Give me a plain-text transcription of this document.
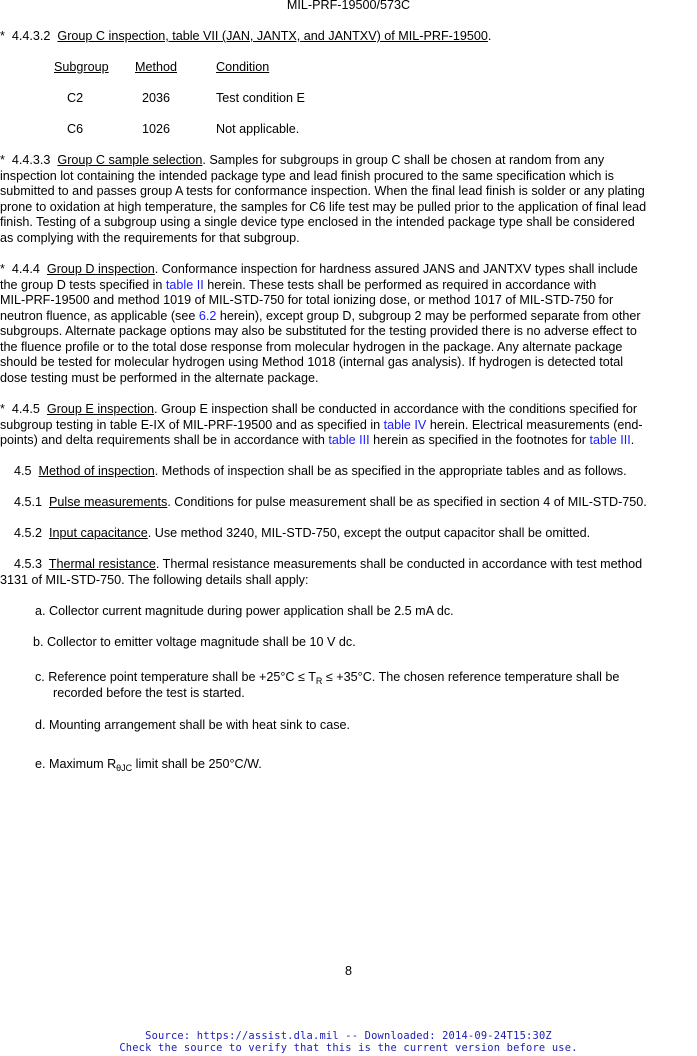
MIL-PRF-19500/573C
*  4.4.3.2  Group C inspection, table VII (JAN, JANTX, and JANTXV) of MIL-PRF-19500.
Subgroup Method	Condition
C2	2036	Test condition E
C6	1026	Not applicable.
*  4.4.3.3  Group C sample selection. Samples for subgroups in group C shall be chosen at random from any
inspection lot containing the intended package type and lead finish procured to the same specification which is
submitted to and passes group A tests for conformance inspection. When the final lead finish is solder or any plating
prone to oxidation at high temperature, the samples for C6 life test may be pulled prior to the application of final lead
finish. Testing of a subgroup using a single device type enclosed in the intended package type shall be considered
as complying with the requirements for that subgroup.
*  4.4.4  Group D inspection. Conformance inspection for hardness assured JANS and JANTXV types shall include
the group D tests specified in table II herein. These tests shall be performed as required in accordance with
MIL-PRF-19500 and method 1019 of MIL-STD-750 for total ionizing dose, or method 1017 of MIL-STD-750 for
neutron fluence, as applicable (see 6.2 herein), except group D, subgroup 2 may be performed separate from other
subgroups. Alternate package options may also be substituted for the testing provided there is no adverse effect to
the fluence profile or to the total dose response from molecular hydrogen in the package. Any alternate package
should be tested for molecular hydrogen using Method 1018 (internal gas analysis). If hydrogen is detected total
dose testing must be performed in the alternate package.
*  4.4.5  Group E inspection. Group E inspection shall be conducted in accordance with the conditions specified for
subgroup testing in table E-IX of MIL-PRF-19500 and as specified in table IV herein. Electrical measurements (end-
points) and delta requirements shall be in accordance with table III herein as specified in the footnotes for table III.
4.5  Method of inspection. Methods of inspection shall be as specified in the appropriate tables and as follows.
4.5.1  Pulse measurements. Conditions for pulse measurement shall be as specified in section 4 of MIL-STD-750.
4.5.2  Input capacitance. Use method 3240, MIL-STD-750, except the output capacitor shall be omitted.
4.5.3  Thermal resistance. Thermal resistance measurements shall be conducted in accordance with test method
3131 of MIL-STD-750. The following details shall apply:
a. Collector current magnitude during power application shall be 2.5 mA dc.
b. Collector to emitter voltage magnitude shall be 10 V dc.
c. Reference point temperature shall be $+25^\circ C \le T_R \le +35^\circ C$. The chosen reference temperature shall be
recorded before the test is started.
d. Mounting arrangement shall be with heat sink to case.
e. Maximum $R_{\theta JC}$ limit shall be 250°C/W.
8
Source: https://assist.dla.mil -- Downloaded: 2014-09-24T15:30Z
Check the source to verify that this is the current version before use.
